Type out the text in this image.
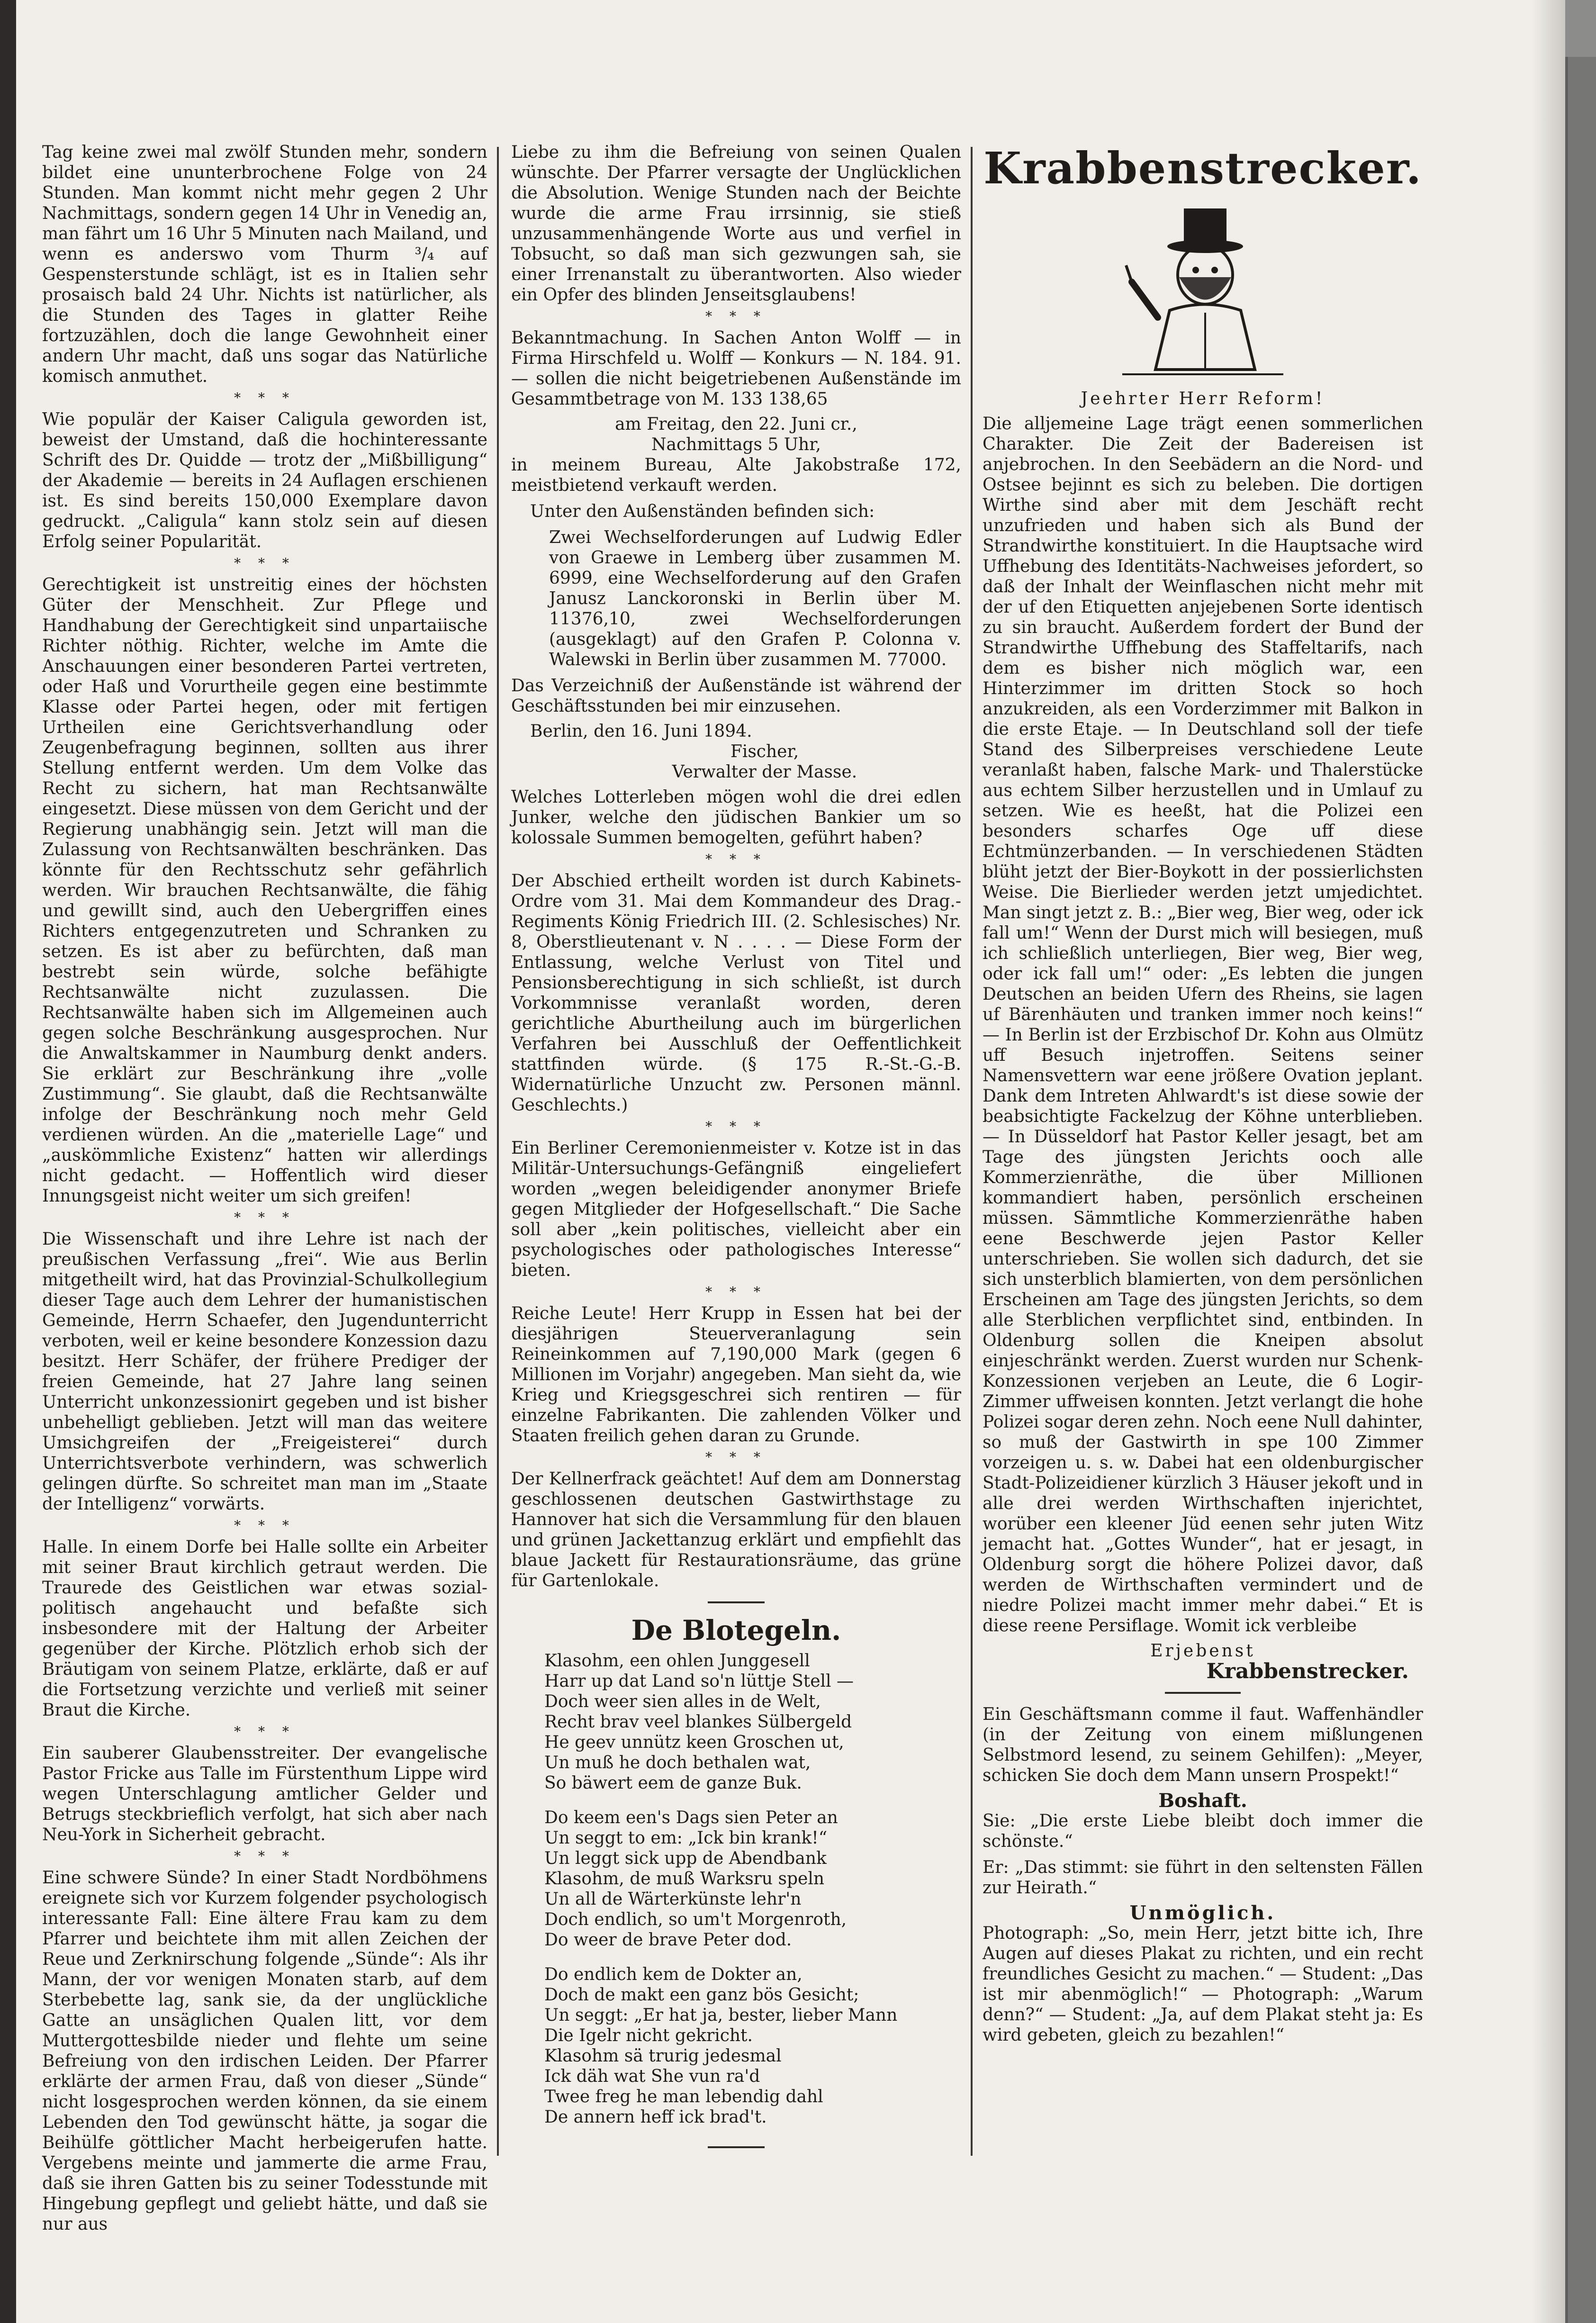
Tag keine zwei mal zwölf Stunden mehr, sondern bildet eine ununterbrochene Folge von 24 Stunden. Man kommt nicht mehr gegen 2 Uhr Nachmittags, sondern gegen 14 Uhr in Venedig an, man fährt um 16 Uhr 5 Minuten nach Mailand, und wenn es anderswo vom Thurm ³/₄ auf Gespensterstunde schlägt, ist es in Italien sehr prosaisch bald 24 Uhr. Nichts ist natürlicher, als die Stunden des Tages in glatter Reihe fortzuzählen, doch die lange Gewohnheit einer andern Uhr macht, daß uns sogar das Natürliche komisch anmuthet.

* * *

Wie populär der Kaiser Caligula geworden ist, beweist der Umstand, daß die hochinteressante Schrift des Dr. Quidde — trotz der „Mißbilligung“ der Akademie — bereits in 24 Auflagen erschienen ist. Es sind bereits 150,000 Exemplare davon gedruckt. „Caligula“ kann stolz sein auf diesen Erfolg seiner Popularität.

* * *

Gerechtigkeit ist unstreitig eines der höchsten Güter der Menschheit. Zur Pflege und Handhabung der Gerechtigkeit sind unpartaiische Richter nöthig. Richter, welche im Amte die Anschauungen einer besonderen Partei vertreten, oder Haß und Vorurtheile gegen eine bestimmte Klasse oder Partei hegen, oder mit fertigen Urtheilen eine Gerichtsverhandlung oder Zeugenbefragung beginnen, sollten aus ihrer Stellung entfernt werden. Um dem Volke das Recht zu sichern, hat man Rechtsanwälte eingesetzt. Diese müssen von dem Gericht und der Regierung unabhängig sein. Jetzt will man die Zulassung von Rechtsanwälten beschränken. Das könnte für den Rechtsschutz sehr gefährlich werden. Wir brauchen Rechtsanwälte, die fähig und gewillt sind, auch den Uebergriffen eines Richters entgegenzutreten und Schranken zu setzen. Es ist aber zu befürchten, daß man bestrebt sein würde, solche befähigte Rechtsanwälte nicht zuzulassen. Die Rechtsanwälte haben sich im Allgemeinen auch gegen solche Beschränkung ausgesprochen. Nur die Anwaltskammer in Naumburg denkt anders. Sie erklärt zur Beschränkung ihre „volle Zustimmung“. Sie glaubt, daß die Rechtsanwälte infolge der Beschränkung noch mehr Geld verdienen würden. An die „materielle Lage“ und „auskömmliche Existenz“ hatten wir allerdings nicht gedacht. — Hoffentlich wird dieser Innungsgeist nicht weiter um sich greifen!

* * *

Die Wissenschaft und ihre Lehre ist nach der preußischen Verfassung „frei“. Wie aus Berlin mitgetheilt wird, hat das Provinzial-Schulkollegium dieser Tage auch dem Lehrer der humanistischen Gemeinde, Herrn Schaefer, den Jugendunterricht verboten, weil er keine besondere Konzession dazu besitzt. Herr Schäfer, der frühere Prediger der freien Gemeinde, hat 27 Jahre lang seinen Unterricht unkonzessionirt gegeben und ist bisher unbehelligt geblieben. Jetzt will man das weitere Umsichgreifen der „Freigeisterei“ durch Unterrichtsverbote verhindern, was schwerlich gelingen dürfte. So schreitet man man im „Staate der Intelligenz“ vorwärts.

* * *

Halle. In einem Dorfe bei Halle sollte ein Arbeiter mit seiner Braut kirchlich getraut werden. Die Traurede des Geistlichen war etwas sozial-politisch angehaucht und befaßte sich insbesondere mit der Haltung der Arbeiter gegenüber der Kirche. Plötzlich erhob sich der Bräutigam von seinem Platze, erklärte, daß er auf die Fortsetzung verzichte und verließ mit seiner Braut die Kirche.

* * *

Ein sauberer Glaubensstreiter. Der evangelische Pastor Fricke aus Talle im Fürstenthum Lippe wird wegen Unterschlagung amtlicher Gelder und Betrugs steckbrieflich verfolgt, hat sich aber nach Neu-York in Sicherheit gebracht.

* * *

Eine schwere Sünde? In einer Stadt Nordböhmens ereignete sich vor Kurzem folgender psychologisch interessante Fall: Eine ältere Frau kam zu dem Pfarrer und beichtete ihm mit allen Zeichen der Reue und Zerknirschung folgende „Sünde“: Als ihr Mann, der vor wenigen Monaten starb, auf dem Sterbebette lag, sank sie, da der unglückliche Gatte an unsäglichen Qualen litt, vor dem Muttergottesbilde nieder und flehte um seine Befreiung von den irdischen Leiden. Der Pfarrer erklärte der armen Frau, daß von dieser „Sünde“ nicht losgesprochen werden können, da sie einem Lebenden den Tod gewünscht hätte, ja sogar die Beihülfe göttlicher Macht herbeigerufen hatte. Vergebens meinte und jammerte die arme Frau, daß sie ihren Gatten bis zu seiner Todesstunde mit Hingebung gepflegt und geliebt hätte, und daß sie nur aus

Liebe zu ihm die Befreiung von seinen Qualen wünschte. Der Pfarrer versagte der Unglücklichen die Absolution. Wenige Stunden nach der Beichte wurde die arme Frau irrsinnig, sie stieß unzusammenhängende Worte aus und verfiel in Tobsucht, so daß man sich gezwungen sah, sie einer Irrenanstalt zu überantworten. Also wieder ein Opfer des blinden Jenseitsglaubens!

* * *

Bekanntmachung. In Sachen Anton Wolff — in Firma Hirschfeld u. Wolff — Konkurs — N. 184. 91. — sollen die nicht beigetriebenen Außenstände im Gesammtbetrage von M. 133 138,65

am Freitag, den 22. Juni cr.,
Nachmittags 5 Uhr,

in meinem Bureau, Alte Jakobstraße 172, meistbietend verkauft werden.

Unter den Außenständen befinden sich:

Zwei Wechselforderungen auf Ludwig Edler von Graewe in Lemberg über zusammen M. 6999, eine Wechselforderung auf den Grafen Janusz Lanckoronski in Berlin über M. 11376,10, zwei Wechselforderungen (ausgeklagt) auf den Grafen P. Colonna v. Walewski in Berlin über zusammen M. 77000.

Das Verzeichniß der Außenstände ist während der Geschäftsstunden bei mir einzusehen.

Berlin, den 16. Juni 1894.
Fischer,
Verwalter der Masse.

Welches Lotterleben mögen wohl die drei edlen Junker, welche den jüdischen Bankier um so kolossale Summen bemogelten, geführt haben?

* * *

Der Abschied ertheilt worden ist durch Kabinets-Ordre vom 31. Mai dem Kommandeur des Drag.-Regiments König Friedrich III. (2. Schlesisches) Nr. 8, Oberstlieutenant v. N . . . . — Diese Form der Entlassung, welche Verlust von Titel und Pensionsberechtigung in sich schließt, ist durch Vorkommnisse veranlaßt worden, deren gerichtliche Aburtheilung auch im bürgerlichen Verfahren bei Ausschluß der Oeffentlichkeit stattfinden würde. (§ 175 R.-St.-G.-B. Widernatürliche Unzucht zw. Personen männl. Geschlechts.)

* * *

Ein Berliner Ceremonienmeister v. Kotze ist in das Militär-Untersuchungs-Gefängniß eingeliefert worden „wegen beleidigender anonymer Briefe gegen Mitglieder der Hofgesellschaft.“ Die Sache soll aber „kein politisches, vielleicht aber ein psychologisches oder pathologisches Interesse“ bieten.

* * *

Reiche Leute! Herr Krupp in Essen hat bei der diesjährigen Steuerveranlagung sein Reineinkommen auf 7,190,000 Mark (gegen 6 Millionen im Vorjahr) angegeben. Man sieht da, wie Krieg und Kriegsgeschrei sich rentiren — für einzelne Fabrikanten. Die zahlenden Völker und Staaten freilich gehen daran zu Grunde.

* * *

Der Kellnerfrack geächtet! Auf dem am Donnerstag geschlossenen deutschen Gastwirthstage zu Hannover hat sich die Versammlung für den blauen und grünen Jackettanzug erklärt und empfiehlt das blaue Jackett für Restaurationsräume, das grüne für Gartenlokale.

De Blotegeln.
Klasohm, een ohlen Junggesell
Harr up dat Land so'n lüttje Stell —
Doch weer sien alles in de Welt,
Recht brav veel blankes Sülbergeld
He geev unnütz keen Groschen ut,
Un muß he doch bethalen wat,
So bäwert eem de ganze Buk.
Do keem een's Dags sien Peter an
Un seggt to em: „Ick bin krank!“
Un leggt sick upp de Abendbank
Klasohm, de muß Warksru speln
Un all de Wärterkünste lehr'n
Doch endlich, so um't Morgenroth,
Do weer de brave Peter dod.
Do endlich kem de Dokter an,
Doch de makt een ganz bös Gesicht;
Un seggt: „Er hat ja, bester, lieber Mann
Die Igelr nicht gekricht.
Klasohm sä trurig jedesmal
Ick däh wat She vun ra'd
Twee freg he man lebendig dahl
De annern heff ick brad't.
Krabbenstrecker.
Jeehrter Herr Reform!

Die alljemeine Lage trägt eenen sommerlichen Charakter. Die Zeit der Badereisen ist anjebrochen. In den Seebädern an die Nord- und Ostsee bejinnt es sich zu beleben. Die dortigen Wirthe sind aber mit dem Jeschäft recht unzufrieden und haben sich als Bund der Strandwirthe konstituiert. In die Hauptsache wird Uffhebung des Identitäts-Nachweises jefordert, so daß der Inhalt der Weinflaschen nicht mehr mit der uf den Etiquetten anjejebenen Sorte identisch zu sin braucht. Außerdem fordert der Bund der Strandwirthe Uffhebung des Staffeltarifs, nach dem es bisher nich möglich war, een Hinterzimmer im dritten Stock so hoch anzukreiden, als een Vorderzimmer mit Balkon in die erste Etaje. — In Deutschland soll der tiefe Stand des Silberpreises verschiedene Leute veranlaßt haben, falsche Mark- und Thalerstücke aus echtem Silber herzustellen und in Umlauf zu setzen. Wie es heeßt, hat die Polizei een besonders scharfes Oge uff diese Echtmünzerbanden. — In verschiedenen Städten blüht jetzt der Bier-Boykott in der possierlichsten Weise. Die Bierlieder werden jetzt umjedichtet. Man singt jetzt z. B.: „Bier weg, Bier weg, oder ick fall um!“ Wenn der Durst mich will besiegen, muß ich schließlich unterliegen, Bier weg, Bier weg, oder ick fall um!“ oder: „Es lebten die jungen Deutschen an beiden Ufern des Rheins, sie lagen uf Bärenhäuten und tranken immer noch keins!“ — In Berlin ist der Erzbischof Dr. Kohn aus Olmütz uff Besuch injetroffen. Seitens seiner Namensvettern war eene jrößere Ovation jeplant. Dank dem Intreten Ahlwardt's ist diese sowie der beabsichtigte Fackelzug der Köhne unterblieben. — In Düsseldorf hat Pastor Keller jesagt, bet am Tage des jüngsten Jerichts ooch alle Kommerzienräthe, die über Millionen kommandiert haben, persönlich erscheinen müssen. Sämmtliche Kommerzienräthe haben eene Beschwerde jejen Pastor Keller unterschrieben. Sie wollen sich dadurch, det sie sich unsterblich blamierten, von dem persönlichen Erscheinen am Tage des jüngsten Jerichts, so dem alle Sterblichen verpflichtet sind, entbinden. In Oldenburg sollen die Kneipen absolut einjeschränkt werden. Zuerst wurden nur Schenk-Konzessionen verjeben an Leute, die 6 Logir-Zimmer uffweisen konnten. Jetzt verlangt die hohe Polizei sogar deren zehn. Noch eene Null dahinter, so muß der Gastwirth in spe 100 Zimmer vorzeigen u. s. w. Dabei hat een oldenburgischer Stadt-Polizeidiener kürzlich 3 Häuser jekoft und in alle drei werden Wirthschaften injerichtet, worüber een kleener Jüd eenen sehr juten Witz jemacht hat. „Gottes Wunder“, hat er jesagt, in Oldenburg sorgt die höhere Polizei davor, daß werden de Wirthschaften vermindert und de niedre Polizei macht immer mehr dabei.“ Et is diese reene Persiflage. Womit ick verbleibe

Erjebenst
Krabbenstrecker.

Ein Geschäftsmann comme il faut. Waffenhändler (in der Zeitung von einem mißlungenen Selbstmord lesend, zu seinem Gehilfen): „Meyer, schicken Sie doch dem Mann unsern Prospekt!“

Boshaft.

Sie: „Die erste Liebe bleibt doch immer die schönste.“

Er: „Das stimmt: sie führt in den seltensten Fällen zur Heirath.“

Unmöglich.

Photograph: „So, mein Herr, jetzt bitte ich, Ihre Augen auf dieses Plakat zu richten, und ein recht freundliches Gesicht zu machen.“ — Student: „Das ist mir abenmöglich!“ — Photograph: „Warum denn?“ — Student: „Ja, auf dem Plakat steht ja: Es wird gebeten, gleich zu bezahlen!“
